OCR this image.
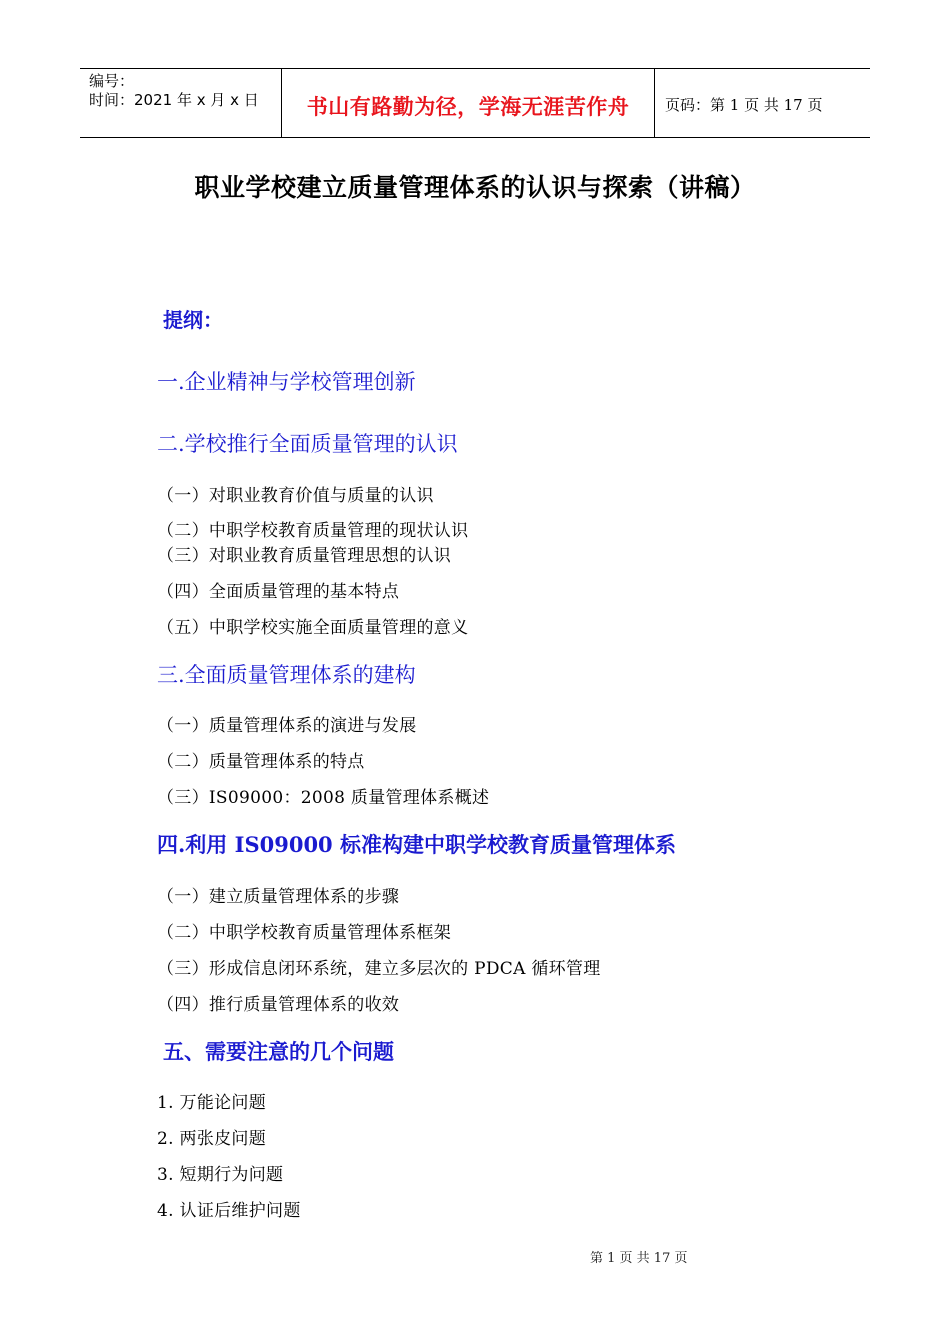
编号：
时间：2021 年 x 月 x 日	书山有路勤为径，学海无涯苦作舟	页码：第 1 页 共 17 页
职业学校建立质量管理体系的认识与探索（讲稿）
提纲：
一.企业精神与学校管理创新
二.学校推行全面质量管理的认识
（一）对职业教育价值与质量的认识
（二）中职学校教育质量管理的现状认识
（三）对职业教育质量管理思想的认识
（四）全面质量管理的基本特点
（五）中职学校实施全面质量管理的意义
三.全面质量管理体系的建构
（一）质量管理体系的演进与发展
（二）质量管理体系的特点
（三）IS09000：2008 质量管理体系概述
四.利用 IS09000 标准构建中职学校教育质量管理体系
（一）建立质量管理体系的步骤
（二）中职学校教育质量管理体系框架
（三）形成信息闭环系统，建立多层次的 PDCA 循环管理
（四）推行质量管理体系的收效
五、需要注意的几个问题
1. 万能论问题
2. 两张皮问题
3. 短期行为问题
4. 认证后维护问题
第 1 页 共 17 页
